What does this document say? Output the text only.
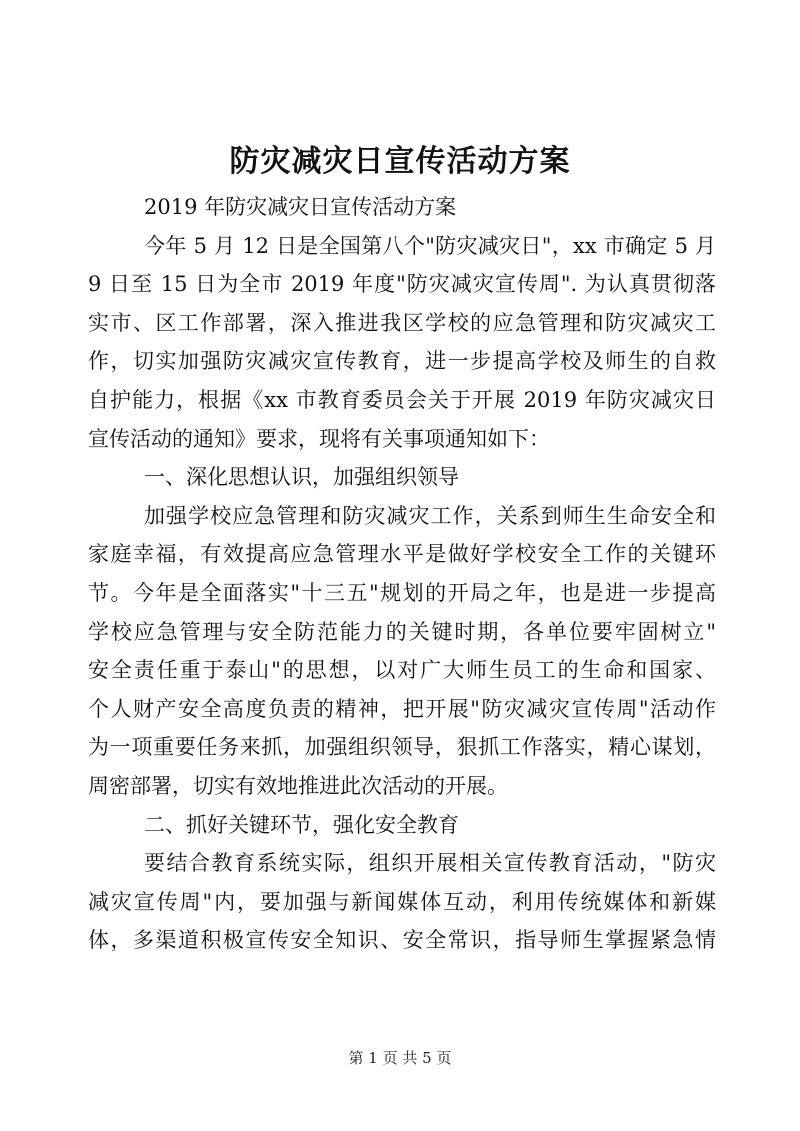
防灾减灾日宣传活动方案
2019 年防灾减灾日宣传活动方案
今年 5 月 12 日是全国第八个"防灾减灾日"，xx 市确定 5 月
9 日至 15 日为全市 2019 年度"防灾减灾宣传周". 为认真贯彻落
实市、区工作部署，深入推进我区学校的应急管理和防灾减灾工
作，切实加强防灾减灾宣传教育，进一步提高学校及师生的自救
自护能力，根据《xx 市教育委员会关于开展 2019 年防灾减灾日
宣传活动的通知》要求，现将有关事项通知如下：
一、深化思想认识，加强组织领导
加强学校应急管理和防灾减灾工作，关系到师生生命安全和
家庭幸福，有效提高应急管理水平是做好学校安全工作的关键环
节。今年是全面落实"十三五"规划的开局之年，也是进一步提高
学校应急管理与安全防范能力的关键时期，各单位要牢固树立"
安全责任重于泰山"的思想，以对广大师生员工的生命和国家、
个人财产安全高度负责的精神，把开展"防灾减灾宣传周"活动作
为一项重要任务来抓，加强组织领导，狠抓工作落实，精心谋划，
周密部署，切实有效地推进此次活动的开展。
二、抓好关键环节，强化安全教育
要结合教育系统实际，组织开展相关宣传教育活动，"防灾
减灾宣传周"内，要加强与新闻媒体互动，利用传统媒体和新媒
体，多渠道积极宣传安全知识、安全常识，指导师生掌握紧急情
第 1 页 共 5 页
